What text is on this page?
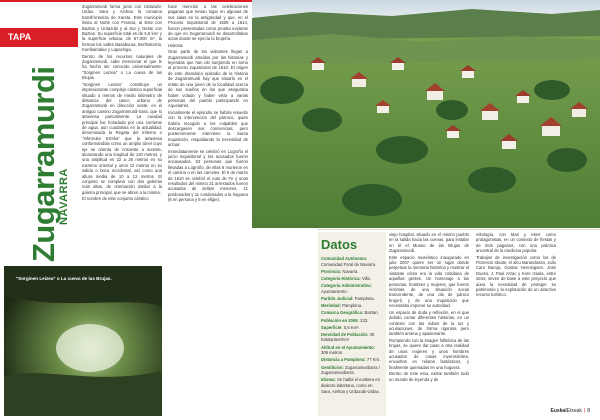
TAPA
Zugarramurdi
NAVARRA

Zugarramurdi forma junto con Urdazubi-Urdax, Sara y Ainhoa la comarca transfronteriza de Xareta. Este municipio limita al Norte con Francia, al Este con Baztan y Urdazubi y al Sur y Oeste con Baztan. Su superficie total es de 5,6 km² y la superficie urbana, de 67.000 m², la forman los valles Basaburua, Berthokerria, Kurrikamakur y Lapazinga.

Dentro de los recursos naturales de Zugarramurdi, cabe mencionar el que le ha hecho ser conocido universalmente: "Sorginen Leizea" o La cueva de las Brujas.

"Sorginen Leizea" constituye un impresionante complejo cárstico superficial situado a menos de medio kilómetro de distancia del casco urbano de Zugarramurdi en dirección oeste, en el antiguo camino Zugarramurdi-Sara, que lo atraviesa parcialmente. La cavidad principal fue horadada por una corriente de agua, aún cuadalosa en la actualidad, denominada la Regata del Infierno o "Infernuko Erreka" que la atraviesa conformándola como un amplio túnel cuyo eje se orienta de noroeste a sureste, alcanzando una longitud de 120 metros, y una amplitud en 22 a 26 metros en su extremo oriental y unos 12 metros en su salida o boca occidental, así como una altura media de 10 a 12 metros. El conjunto se completa con dos galerías más altas, de orientación similar a la galería principal, que se abren a la misma.

El nombre de este conjunto cárstico

hace mención a las celebraciones paganas que tenían lugar en algunas de sus salas en la antigüedad y que, en el Proceso Inquisitorial de 1609 a 1614, fueron presentadas como prueba evidente de que en Zugarramurdi se desarrollaban actos donde se ejercía la brujería.

Historia:

Gran parte de los visitantes llegan a Zugarramurdi atraídos por las historias y leyendas que han ido surgiendo en torno al proceso inquisitorial de 1610. El origen de este dramático episodio de la historia de Zugarramurdi hay que situarlo en el relato de una joven de la localidad acerca de sus sueños en los que aseguraba haber volado y haber visto a varias personas del pueblo participando en Aquelarres.

Inicialmente el episodio se habría resuelto con la intervención del párroco, quien habría recogido a los culpables que descargasen sus conciencias, pero posteriormente interviene la Santa Inquisición, respaldando la necesidad de actuar.

Inmediatamente se celebró en Logroño el juicio inquisitorial y los acusados fueron encausados. 53 personas que fueron llevadas a Logroño, de ellas 8 murieron en el camino o en las cárceles. El 6 de marzo de 1610 se celebró el Auto de Fe y unos resultados del mismo 21 arrestados fueron acusados de delitos menores, 21 perdonados y 11 condenados a la hoguera (6 en persona y 5 en efigie).

"Sorginen Leizea" o La cueva de las Brujas.
Datos
Comunidad Autónoma: Comunidad Foral de Navarra.
Provincia: Navarra.
Categoría Histórica: Villa.
Categoría Administrativa: Ayuntamiento.
Partido Judicial: Pamplona.
Merindad: Pamplona.
Comarca Geográfica: Baztan.
Población en 2006: 223.
Superficie: 5,6 Km².
Densidad de Población: 40 habitantes/Km².
Altitud en el Ayuntamiento: 309 metros.
Distancia a Pamplona: 77 Km.
Gentilicios: Zugarramurdiarra / Zugarramurdiarra.
Idioma: Se habla el euskera en dialecto labortano, como en Sara, Ainhoa y Urdazubi-Urdax.

viejo hospital, situado en el mismo pueblo en la salida hacia las cuevas, para instalar en él el Museo de las Brujas de Zugarramurdi.

Este espacio museístico inaugurado en julio 2007 quiere ser un lugar donde perpetuar la memoria histórica y mostrar el visitante cómo era la vida cotidiana de aquellas gentes. Un homenaje a las personas, hombres y mujeres, que fueron víctimas de una situación social trascendente, de una ola de pánico brujeril, y de una Inquisición que necesitaba imponer su autoridad.

Un espacio de duda y reflexión, en el que debido contar diferentes historias, en un contexto con las nubes de la luz y acusaciones, de forma rigurosa pero también amena y apasionante.

Rompiendo con la imagen folklórica de las brujas, se quiere dar paso a otra realidad de unas mujeres y unos hombres acusados de cosas inverosímiles, envueltos en relatos fantásticos, y finalmente quemadas en una hoguera.

Dentro de este esta, existe también todo un mundo de leyenda y de

mitología, con Mari y Akerr como protagonistas, en un contexto de fiestas y de ritos paganos, con una práctica ancestral de la medicina popular.

Trabajos de investigación como los de Florencio Idoate, el alcu Barandiaran, Julio Caro Baroja, Gustav Henningsen, José Dueso, J. Paul Arzac y Kore Izaola, entre otros, sirven de base a este proyecto que aúna la necesidad de proteger su patrimonio y la explotación de un atractivo recurso turístico.

EuskalEtxeak | 8
